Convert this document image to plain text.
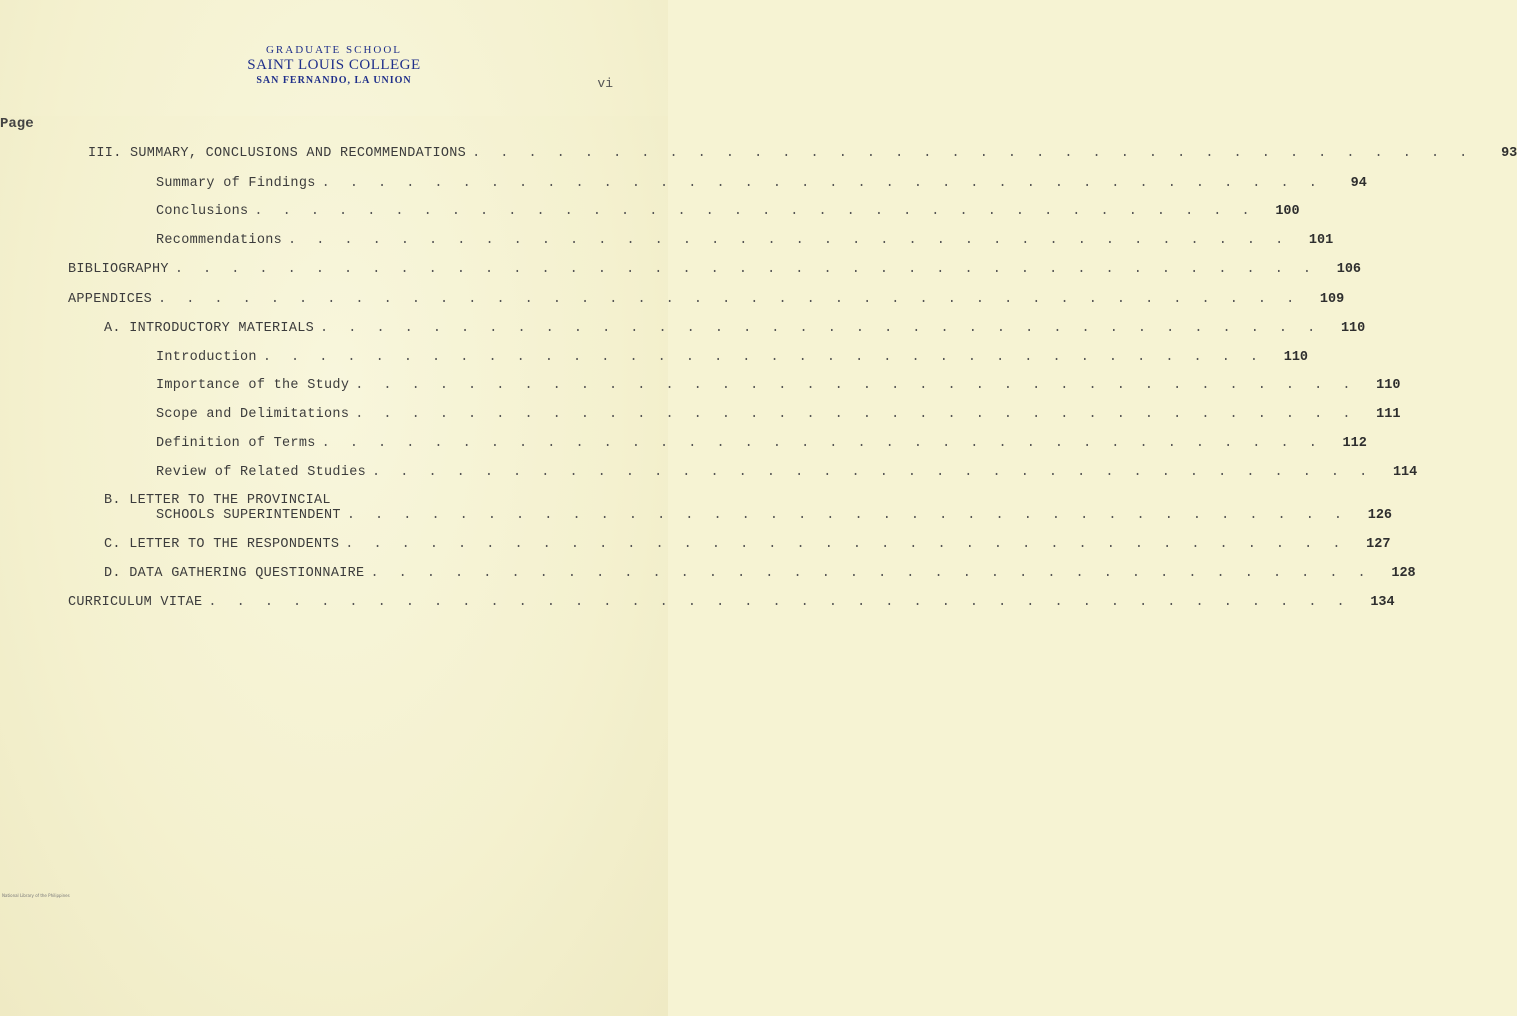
GRADUATE SCHOOL
SAINT LOUIS COLLEGE
SAN FERNANDO, LA UNION	vi
Page
III. SUMMARY, CONCLUSIONS AND RECOMMENDATIONS . . . . . . . . . . . . . . . . . . . . . . . . . . . . . . . . . . . .	93
Summary of Findings . . . . . . . . . . . . . . . . . . . . . . . . . . . . . . . . . . . .	94
Conclusions . . . . . . . . . . . . . . . . . . . . . . . . . . . . . . . . . . . .	100
Recommendations . . . . . . . . . . . . . . . . . . . . . . . . . . . . . . . . . . . .	101
BIBLIOGRAPHY . . . . . . . . . . . . . . . . . . . . . . . . . . . . . . . . . . . . . . . . .	106
APPENDICES . . . . . . . . . . . . . . . . . . . . . . . . . . . . . . . . . . . . . . . . .	109
A. INTRODUCTORY MATERIALS . . . . . . . . . . . . . . . . . . . . . . . . . . . . . . . . . . . .	110
Introduction . . . . . . . . . . . . . . . . . . . . . . . . . . . . . . . . . . . .	110
Importance of the Study . . . . . . . . . . . . . . . . . . . . . . . . . . . . . . . . . . . .	110
Scope and Delimitations . . . . . . . . . . . . . . . . . . . . . . . . . . . . . . . . . . . .	111
Definition of Terms . . . . . . . . . . . . . . . . . . . . . . . . . . . . . . . . . . . .	112
Review of Related Studies . . . . . . . . . . . . . . . . . . . . . . . . . . . . . . . . . . . .	114
B. LETTER TO THE PROVINCIAL
SCHOOLS SUPERINTENDENT . . . . . . . . . . . . . . . . . . . . . . . . . . . . . . . . . . . .	126
C. LETTER TO THE RESPONDENTS . . . . . . . . . . . . . . . . . . . . . . . . . . . . . . . . . . . .	127
D. DATA GATHERING QUESTIONNAIRE . . . . . . . . . . . . . . . . . . . . . . . . . . . . . . . . . . . .	128
CURRICULUM VITAE . . . . . . . . . . . . . . . . . . . . . . . . . . . . . . . . . . . . . . . . .	134
National Library of the Philippines
